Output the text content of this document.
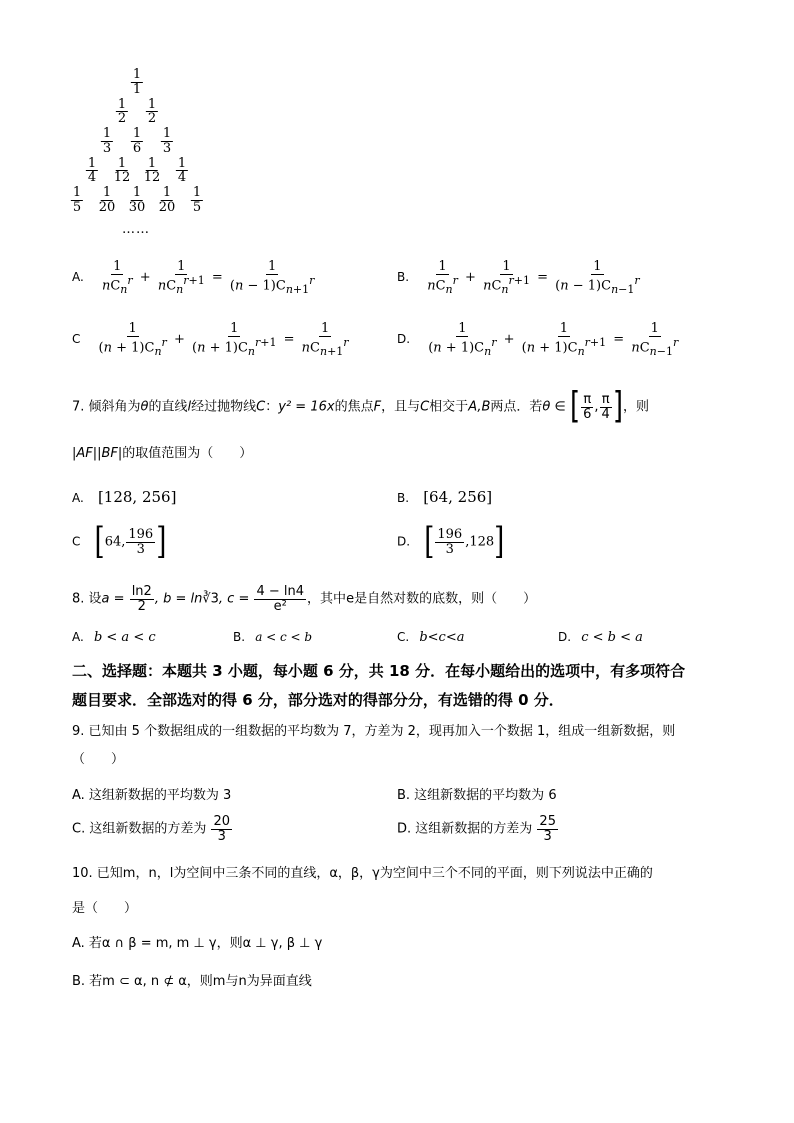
$\frac{1}{1}$
$\frac{1}{2} \frac{1}{2}$
$\frac{1}{3} \frac{1}{6} \frac{1}{3}$
$\frac{1}{4} \frac{1}{12} \frac{1}{12} \frac{1}{4}$
$\frac{1}{5} \frac{1}{20} \frac{1}{30} \frac{1}{20} \frac{1}{5}$
……
A. $\frac{1}{nC_n^r} + \frac{1}{nC_n^{r+1}} = \frac{1}{(n - 1)C_{n+1}^r}$	B. $\frac{1}{nC_n^r} + \frac{1}{nC_n^{r+1}} = \frac{1}{(n - 1)C_{n-1}^r}$
C $\frac{1}{(n + 1)C_n^r} + \frac{1}{(n + 1)C_n^{r+1}} = \frac{1}{nC_{n+1}^r}$	D. $\frac{1}{(n + 1)C_n^r} + \frac{1}{(n + 1)C_n^{r+1}} = \frac{1}{nC_{n-1}^r}$
7. 倾斜角为θ的直线l经过抛物线C：y² = 16x的焦点F，且与C相交于A,B两点．若θ ∈ [ $\frac{\pi}{6}$ , $\frac{\pi}{4}$ ]，则
|AF||BF|的取值范围为（　　）
A. [128, 256]	B. [64, 256]
C [64, $\frac{196}{3}$ ]	D. [ $\frac{196}{3} ,128$]
8. 设$a = \frac{\ln 2}{2}$ , b = ln∛3, $c = \frac{4 - \ln 4}{\text{e²}}$ ，其中e是自然对数的底数，则（　　）
A. b < a < c	B. a < c < b	C. b<c<a	D. c < b < a
二、选择题：本题共 3 小题，每小题 6 分，共 18 分．在每小题给出的选项中，有多项符合
题目要求．全部选对的得 6 分，部分选对的得部分分，有选错的得 0 分．
9. 已知由 5 个数据组成的一组数据的平均数为 7，方差为 2，现再加入一个数据 1，组成一组新数据，则
（　　）
A. 这组新数据的平均数为 3	B. 这组新数据的平均数为 6
C. 这组新数据的方差为 $\frac{20}{3}$	D. 这组新数据的方差为 $\frac{25}{3}$
10. 已知m，n，l为空间中三条不同的直线，α，β，γ为空间中三个不同的平面，则下列说法中正确的
是（　　）
A. 若α ∩ β = m, m ⊥ γ，则α ⊥ γ, β ⊥ γ
B. 若m ⊂ α, n ⊄ α，则m与n为异面直线
